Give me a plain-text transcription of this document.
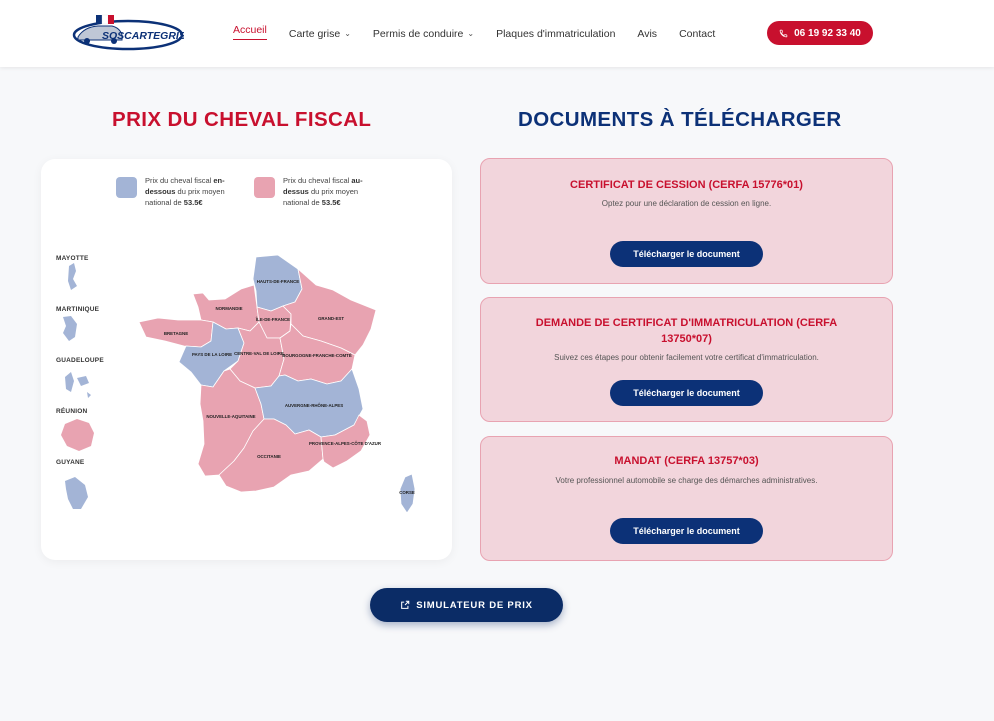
SOSCARTEGRISE	Accueil Carte grise ⌄ Permis de conduire ⌄ Plaques d'immatriculation Avis Contact	06 19 92 33 40
PRIX DU CHEVAL FISCAL	DOCUMENTS À TÉLÉCHARGER
Prix du cheval fiscal en-dessous du prix moyen national de 53.5€
Prix du cheval fiscal au-dessus du prix moyen national de 53.5€
MAYOTTE
MARTINIQUE
GUADELOUPE
RÉUNION
GUYANE
HAUTS-DE-FRANCE
NORMANDIE
ÎLE-DE-FRANCE	GRAND-EST
BRETAGNE
PAYS DE LA LOIRE CENTRE-VAL DE LOIRE
BOURGOGNE-FRANCHE-COMTÉ
NOUVELLE-AQUITAINE
AUVERGNE-RHÔNE-ALPES
OCCITANIE
PROVENCE-ALPES-CÔTE D'AZUR
CORSE
CERTIFICAT DE CESSION (CERFA 15776*01)
Optez pour une déclaration de cession en ligne.
Télécharger le document
DEMANDE DE CERTIFICAT D'IMMATRICULATION (CERFA 13750*07)
Suivez ces étapes pour obtenir facilement votre certificat d'immatriculation.
Télécharger le document
MANDAT (CERFA 13757*03)
Votre professionnel automobile se charge des démarches administratives.
Télécharger le document
SIMULATEUR DE PRIX
